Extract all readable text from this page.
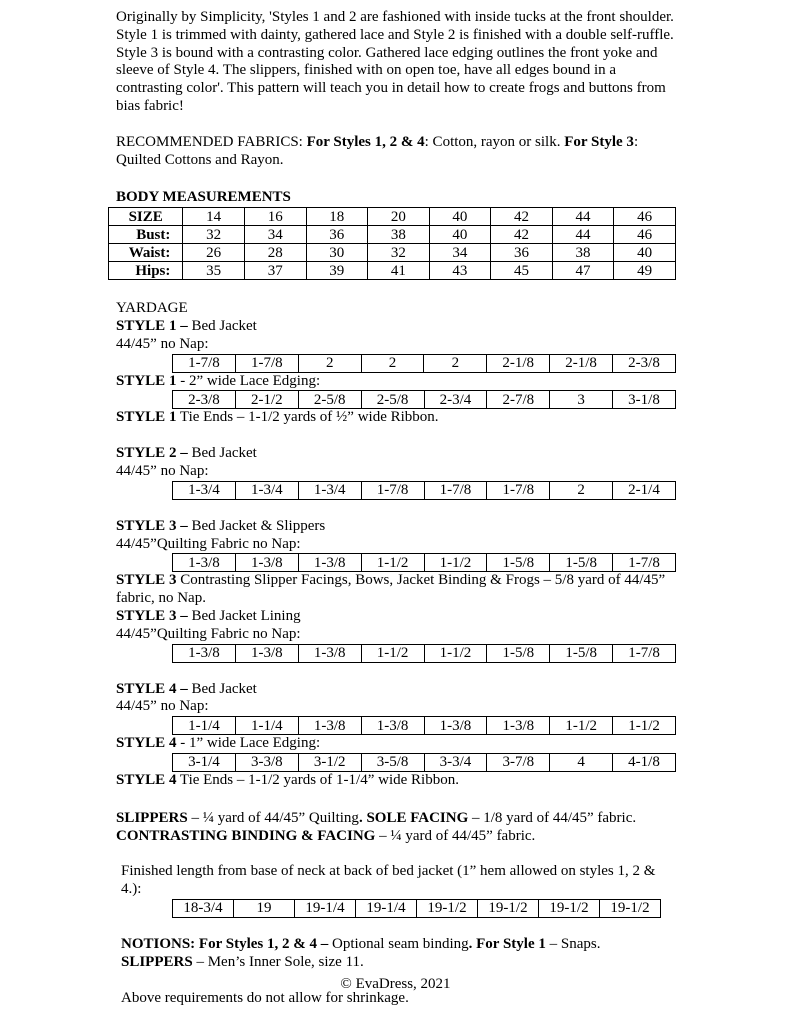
Originally by Simplicity, 'Styles 1 and 2 are fashioned with inside tucks at the front shoulder. Style 1 is trimmed with dainty, gathered lace and Style 2 is finished with a double self-ruffle. Style 3 is bound with a contrasting color. Gathered lace edging outlines the front yoke and sleeve of Style 4. The slippers, finished with on open toe, have all edges bound in a contrasting color'. This pattern will teach you in detail how to create frogs and buttons from bias fabric!

RECOMMENDED FABRICS: For Styles 1, 2 & 4: Cotton, rayon or silk. For Style 3: Quilted Cottons and Rayon.

BODY MEASUREMENTS

SIZE	14	16	18	20	40	42	44	46
Bust:	32	34	36	38	40	42	44	46
Waist:	26	28	30	32	34	36	38	40
Hips:	35	37	39	41	43	45	47	49

YARDAGE

STYLE 1 – Bed Jacket

44/45” no Nap:

1-7/8	1-7/8	2	2	2	2-1/8	2-1/8	2-3/8

STYLE 1 - 2” wide Lace Edging:

2-3/8	2-1/2	2-5/8	2-5/8	2-3/4	2-7/8	3	3-1/8

STYLE 1 Tie Ends – 1-1/2 yards of ½” wide Ribbon.

STYLE 2 – Bed Jacket

44/45” no Nap:

1-3/4	1-3/4	1-3/4	1-7/8	1-7/8	1-7/8	2	2-1/4

STYLE 3 – Bed Jacket & Slippers

44/45”Quilting Fabric no Nap:

1-3/8	1-3/8	1-3/8	1-1/2	1-1/2	1-5/8	1-5/8	1-7/8

STYLE 3 Contrasting Slipper Facings, Bows, Jacket Binding & Frogs – 5/8 yard of 44/45” fabric, no Nap.

STYLE 3 – Bed Jacket Lining

44/45”Quilting Fabric no Nap:

1-3/8	1-3/8	1-3/8	1-1/2	1-1/2	1-5/8	1-5/8	1-7/8

STYLE 4 – Bed Jacket

44/45” no Nap:

1-1/4	1-1/4	1-3/8	1-3/8	1-3/8	1-3/8	1-1/2	1-1/2

STYLE 4 - 1” wide Lace Edging:

3-1/4	3-3/8	3-1/2	3-5/8	3-3/4	3-7/8	4	4-1/8

STYLE 4 Tie Ends – 1-1/2 yards of 1-1/4” wide Ribbon.

SLIPPERS – ¼ yard of 44/45” Quilting. SOLE FACING – 1/8 yard of 44/45” fabric.

CONTRASTING BINDING & FACING – ¼ yard of 44/45” fabric.

Finished length from base of neck at back of bed jacket (1” hem allowed on styles 1, 2 & 4.):

18-3/4	19	19-1/4	19-1/4	19-1/2	19-1/2	19-1/2	19-1/2

NOTIONS: For Styles 1, 2 & 4 – Optional seam binding. For Style 1 – Snaps.

SLIPPERS – Men’s Inner Sole, size 11.

Above requirements do not allow for shrinkage.

© EvaDress, 2021
